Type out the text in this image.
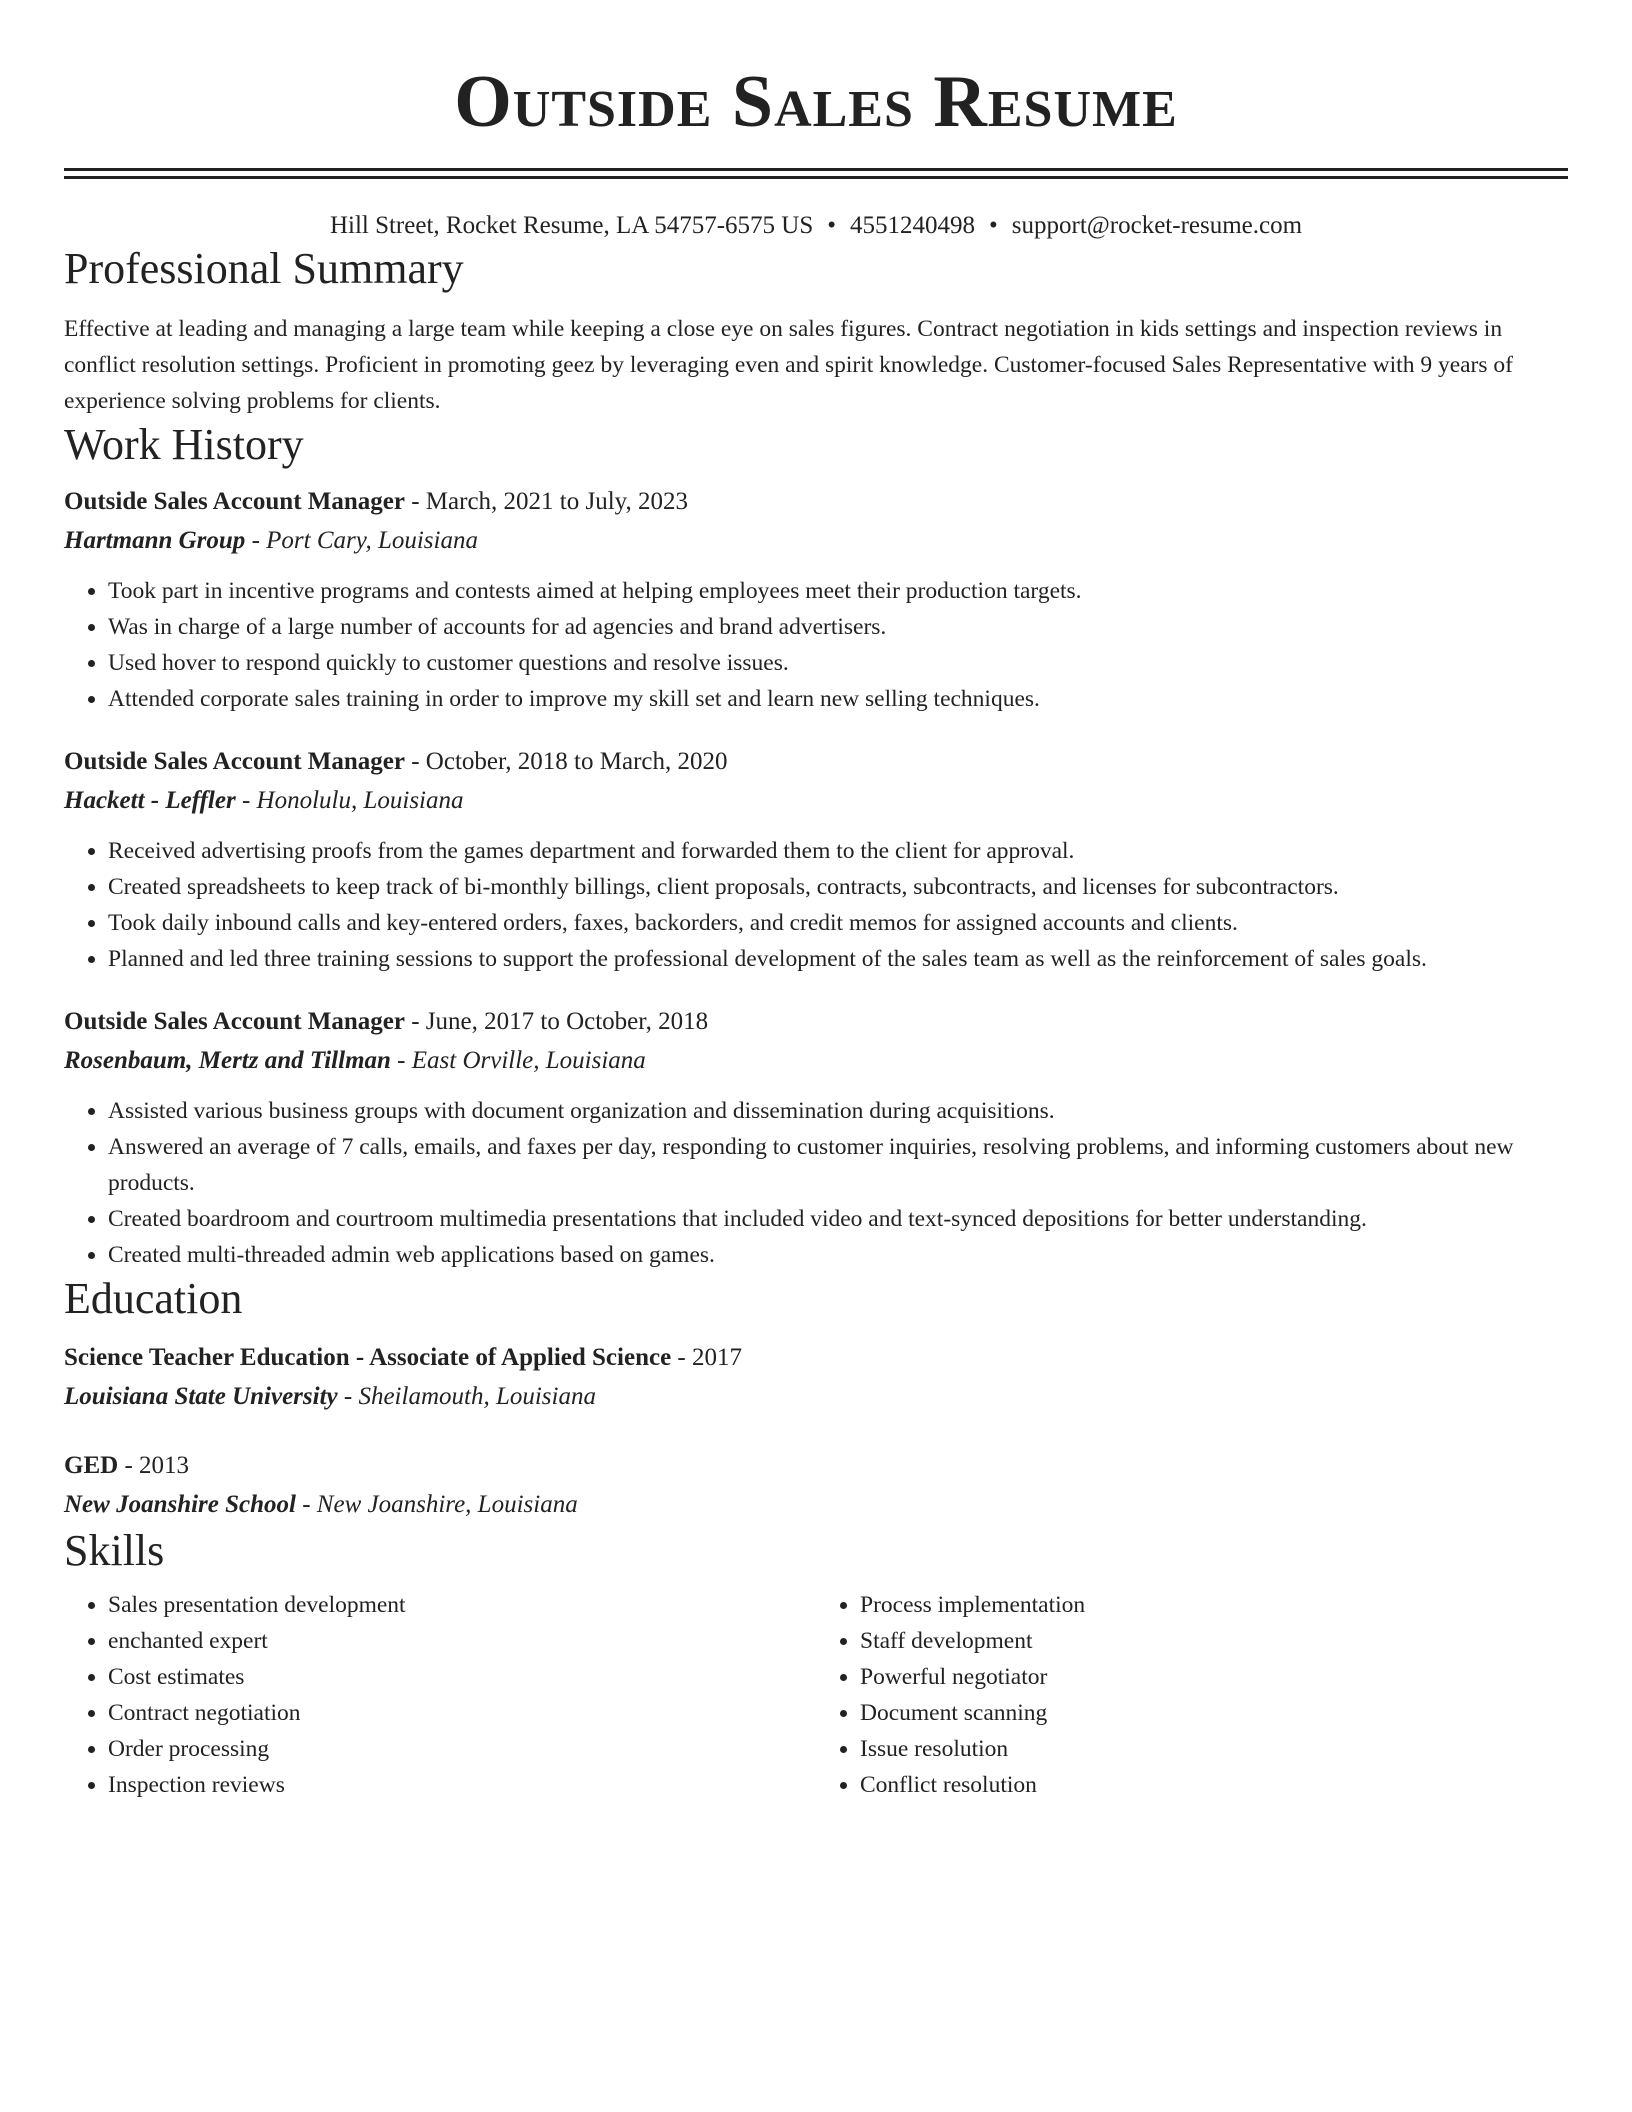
Outside Sales Resume
Hill Street, Rocket Resume, LA 54757-6575 US • 4551240498 • support@rocket-resume.com
Professional Summary
Effective at leading and managing a large team while keeping a close eye on sales figures. Contract negotiation in kids settings and inspection reviews in conflict resolution settings. Proficient in promoting geez by leveraging even and spirit knowledge. Customer-focused Sales Representative with 9 years of experience solving problems for clients.
Work History
Outside Sales Account Manager - March, 2021 to July, 2023
Hartmann Group - Port Cary, Louisiana
• Took part in incentive programs and contests aimed at helping employees meet their production targets.
• Was in charge of a large number of accounts for ad agencies and brand advertisers.
• Used hover to respond quickly to customer questions and resolve issues.
• Attended corporate sales training in order to improve my skill set and learn new selling techniques.
Outside Sales Account Manager - October, 2018 to March, 2020
Hackett - Leffler - Honolulu, Louisiana
• Received advertising proofs from the games department and forwarded them to the client for approval.
• Created spreadsheets to keep track of bi-monthly billings, client proposals, contracts, subcontracts, and licenses for subcontractors.
• Took daily inbound calls and key-entered orders, faxes, backorders, and credit memos for assigned accounts and clients.
• Planned and led three training sessions to support the professional development of the sales team as well as the reinforcement of sales goals.
Outside Sales Account Manager - June, 2017 to October, 2018
Rosenbaum, Mertz and Tillman - East Orville, Louisiana
• Assisted various business groups with document organization and dissemination during acquisitions.
• Answered an average of 7 calls, emails, and faxes per day, responding to customer inquiries, resolving problems, and informing customers about new products.
• Created boardroom and courtroom multimedia presentations that included video and text-synced depositions for better understanding.
• Created multi-threaded admin web applications based on games.
Education
Science Teacher Education - Associate of Applied Science - 2017
Louisiana State University - Sheilamouth, Louisiana
GED - 2013
New Joanshire School - New Joanshire, Louisiana
Skills
• Sales presentation development
• enchanted expert
• Cost estimates
• Contract negotiation
• Order processing
• Inspection reviews
• Process implementation
• Staff development
• Powerful negotiator
• Document scanning
• Issue resolution
• Conflict resolution
